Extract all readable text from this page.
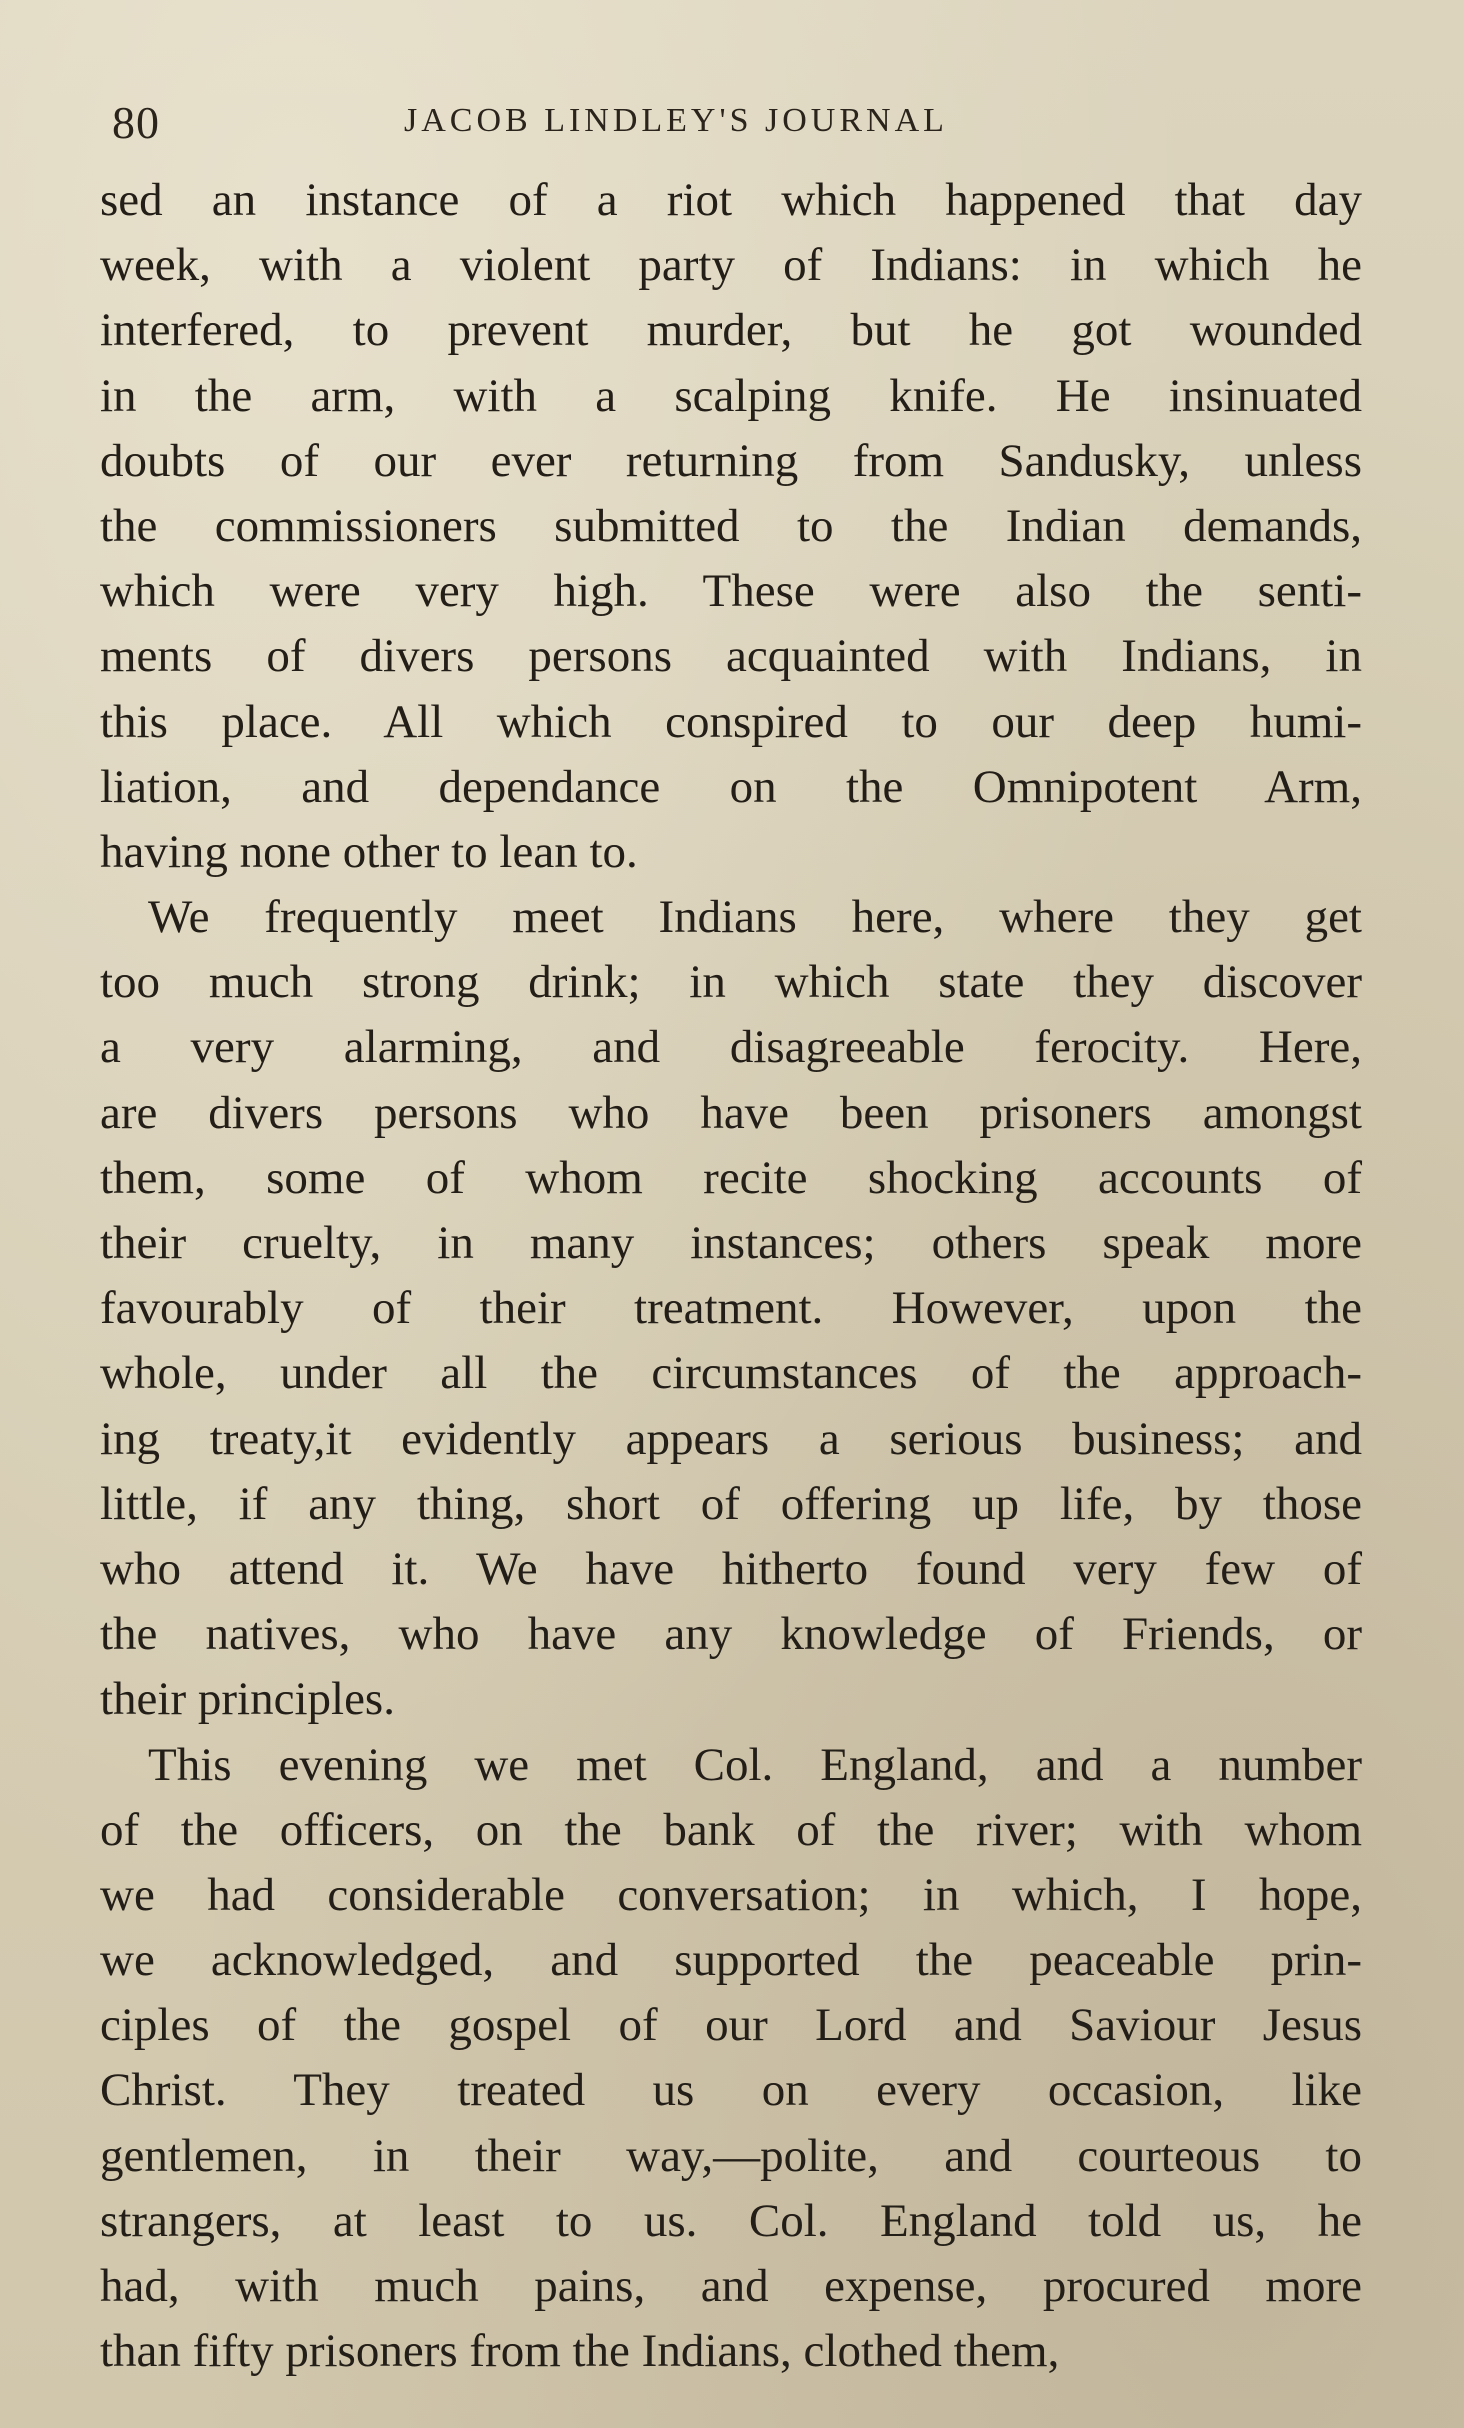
80	JACOB LINDLEY'S JOURNAL

sed an instance of a riot which happened that day
week, with a violent party of Indians: in which he
interfered, to prevent murder, but he got wounded
in the arm, with a scalping knife. He insinuated
doubts of our ever returning from Sandusky, unless
the commissioners submitted to the Indian demands,
which were very high. These were also the senti-
ments of divers persons acquainted with Indians, in
this place. All which conspired to our deep humi-
liation, and dependance on the Omnipotent Arm,
having none other to lean to.

We frequently meet Indians here, where they get
too much strong drink; in which state they discover
a very alarming, and disagreeable ferocity. Here,
are divers persons who have been prisoners amongst
them, some of whom recite shocking accounts of
their cruelty, in many instances; others speak more
favourably of their treatment. However, upon the
whole, under all the circumstances of the approach-
ing treaty,it evidently appears a serious business; and
little, if any thing, short of offering up life, by those
who attend it. We have hitherto found very few of
the natives, who have any knowledge of Friends, or
their principles.

This evening we met Col. England, and a number
of the officers, on the bank of the river; with whom
we had considerable conversation; in which, I hope,
we acknowledged, and supported the peaceable prin-
ciples of the gospel of our Lord and Saviour Jesus
Christ. They treated us on every occasion, like
gentlemen, in their way,—polite, and courteous to
strangers, at least to us. Col. England told us, he
had, with much pains, and expense, procured more
than fifty prisoners from the Indians, clothed them,
